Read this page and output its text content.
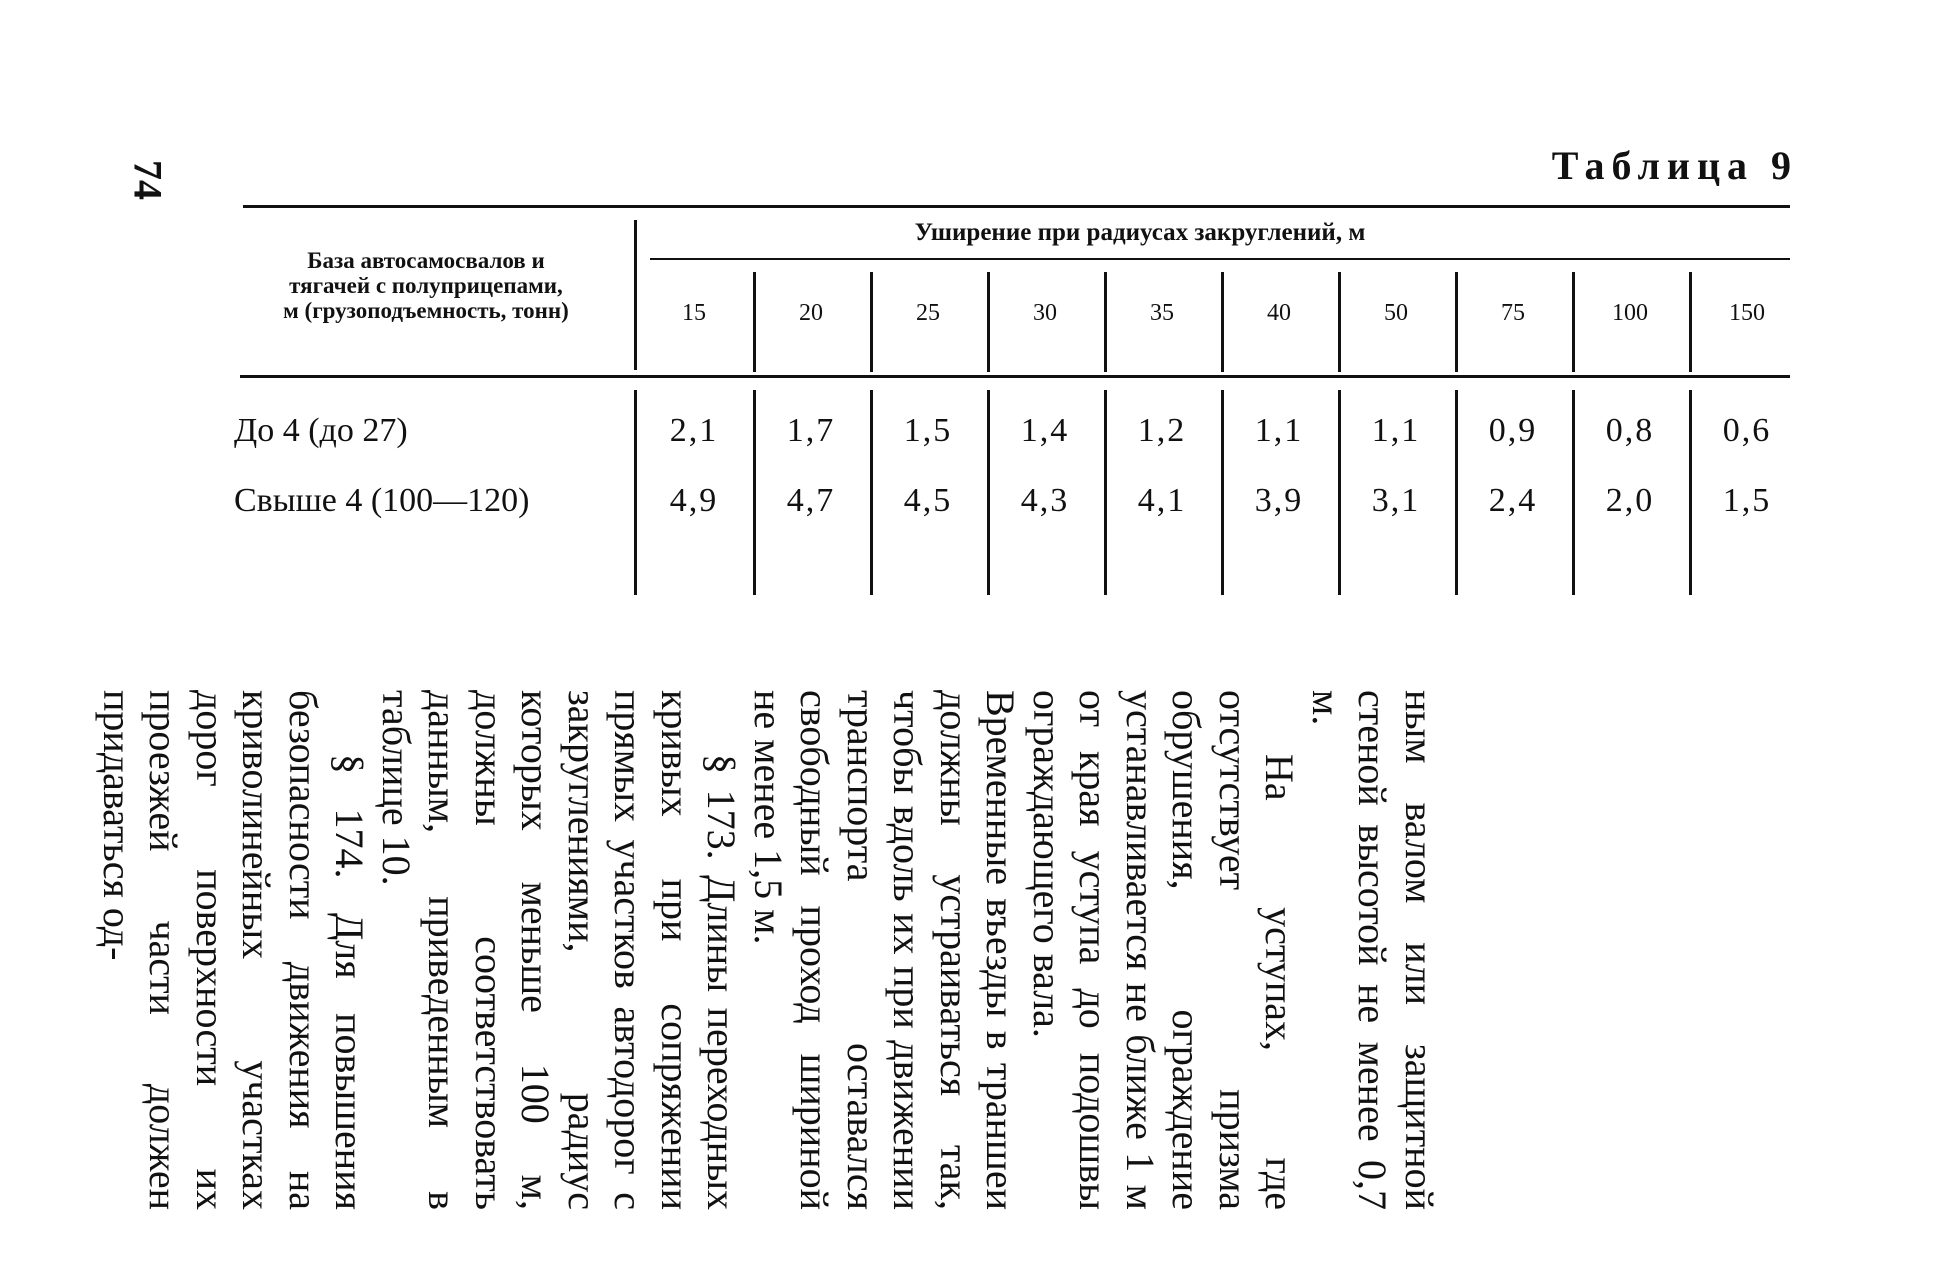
74	Таблица 9
База автосамосвалов и
тягачей с полуприцепами,
м (грузоподъемность, тонн)
Уширение при радиусах закруглений, м
15	20	25	30	35	40	50	75	100	150
До 4 (до 27)	2,1	1,7	1,5	1,4	1,2	1,1	1,1	0,9	0,8	0,6
Свыше 4 (100—120)	4,9	4,7	4,5	4,3	4,1	3,9	3,1	2,4	2,0	1,5

ным валом или защитной стеной высотой не менее 0,7 м.

На уступах, где отсутствует призма обрушения, ограждение устанавливается не ближе 1 м от края уступа до подошвы ограждающего вала.

Временные въезды в траншеи должны устраиваться так, чтобы вдоль их при движении транспорта оставался свободный проход шириной не менее 1,5 м.

§ 173. Длины переходных кривых при сопряжении прямых участков автодорог с закруглениями, радиус которых меньше 100 м, должны соответствовать данным, приведенным в таблице 10.

§ 174. Для повышения безопасности движения на криволинейных участках дорог поверхности их проезжей части должен придаваться од-
